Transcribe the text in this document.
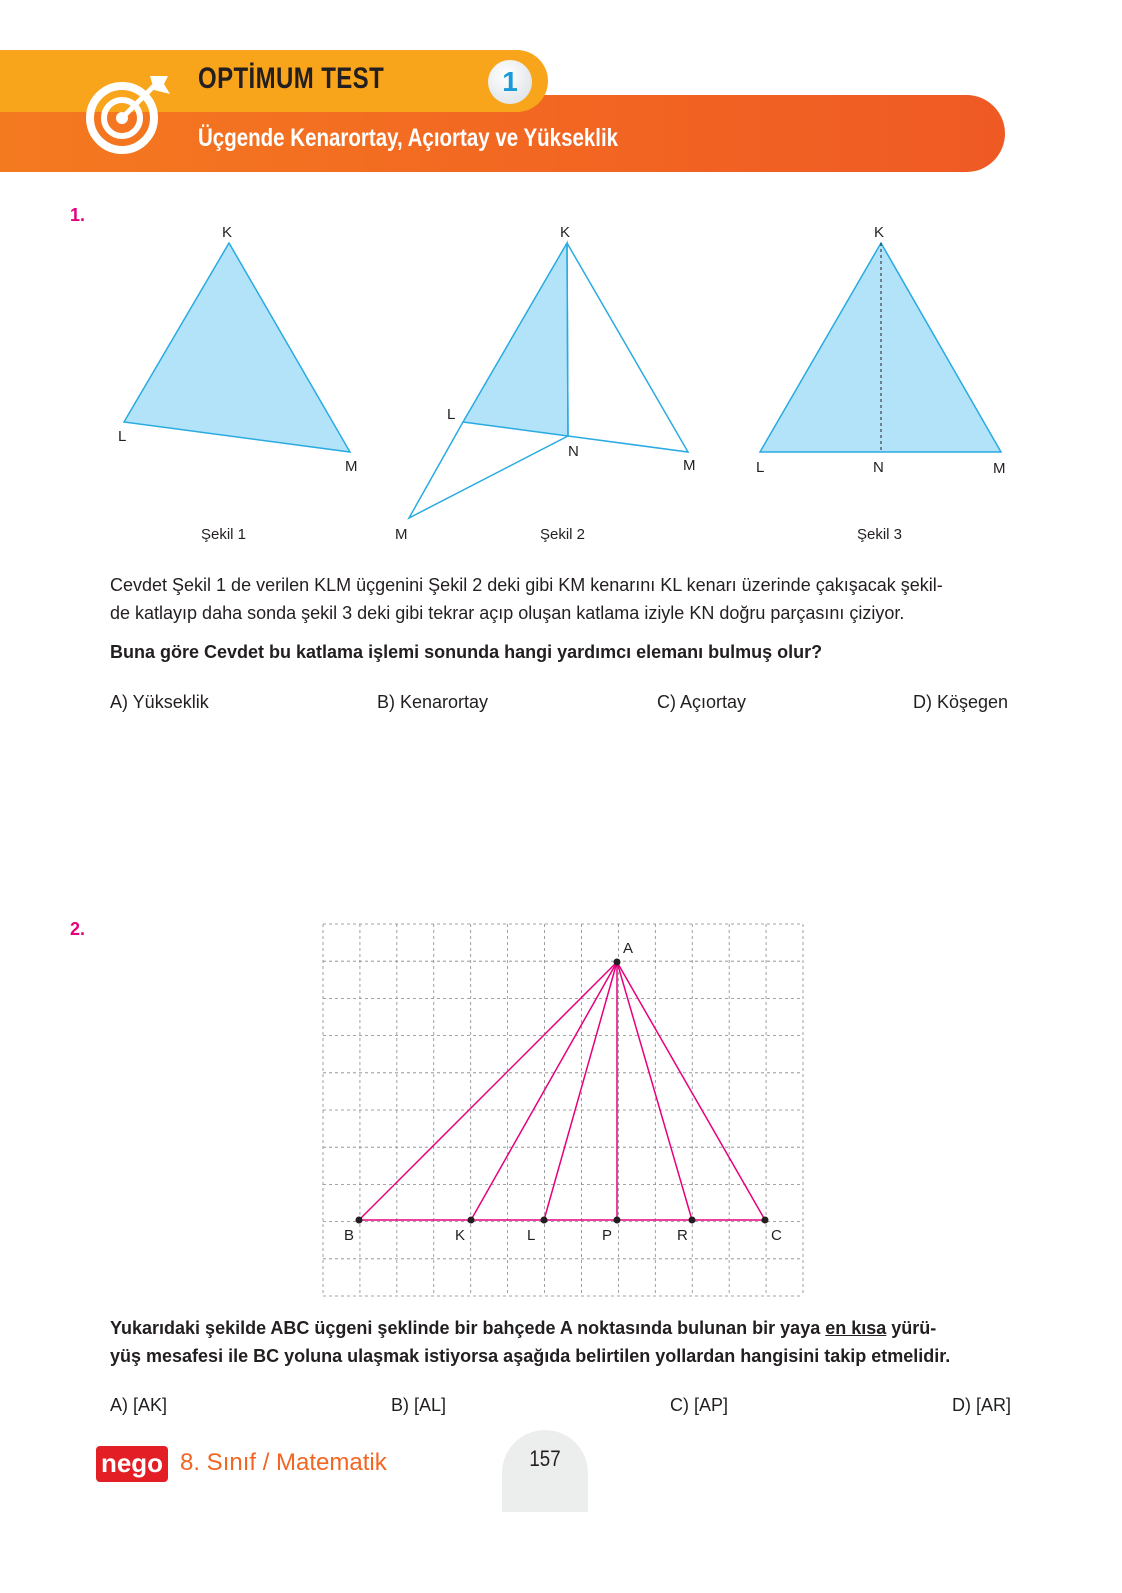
OPTİMUM TEST	1
Üçgende Kenarortay, Açıortay ve Yükseklik
1.
K
L
M
Şekil 1
K
L
N
M
M	Şekil 2
K
L	N	M
Şekil 3
Cevdet Şekil 1 de verilen KLM üçgenini Şekil 2 deki gibi KM kenarını KL kenarı üzerinde çakışacak şekil-
de katlayıp daha sonda şekil 3 deki gibi tekrar açıp oluşan katlama iziyle KN doğru parçasını çiziyor.
Buna göre Cevdet bu katlama işlemi sonunda hangi yardımcı elemanı bulmuş olur?
A) Yükseklik	B) Kenarortay	C) Açıortay	D) Köşegen
2.
A
B	K	L	P	R	C
Yukarıdaki şekilde ABC üçgeni şeklinde bir bahçede A noktasında bulunan bir yaya en kısa yürü-
yüş mesafesi ile BC yoluna ulaşmak istiyorsa aşağıda belirtilen yollardan hangisini takip etmelidir.
A) [AK]	B) [AL]	C) [AP]	D) [AR]
nego 8. Sınıf / Matematik	157
